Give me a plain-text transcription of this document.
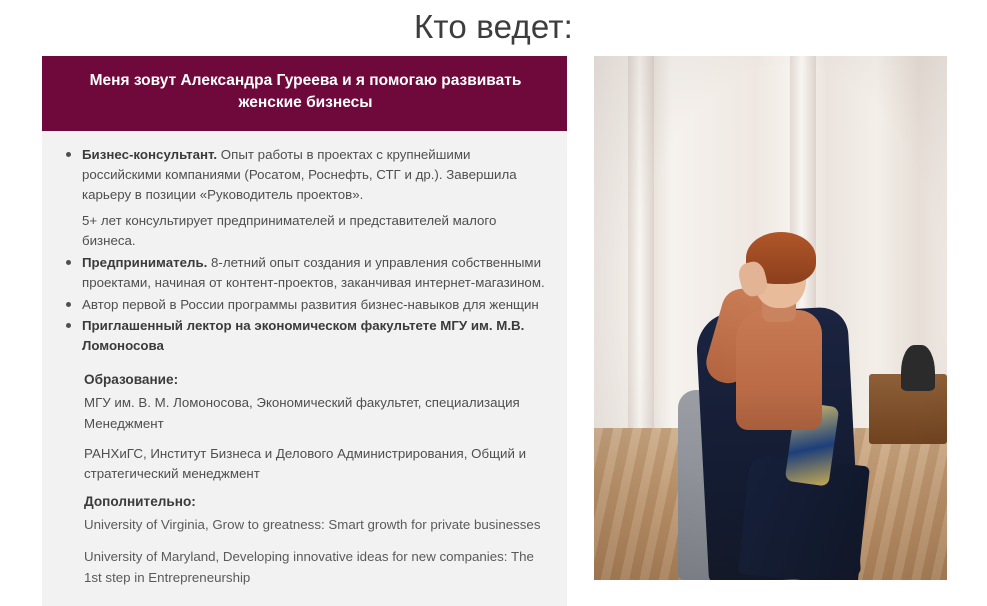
Кто ведет:
Меня зовут Александра Гуреева и я помогаю развивать женские бизнесы
Бизнес-консультант. Опыт работы в проектах с крупнейшими российскими компаниями (Росатом, Роснефть, СТГ и др.). Завершила карьеру в позиции «Руководитель проектов».
5+ лет консультирует предпринимателей и представителей малого бизнеса.
Предприниматель. 8-летний опыт создания и управления собственными проектами, начиная от контент-проектов, заканчивая интернет-магазином.
Автор первой в России программы развития бизнес-навыков для женщин
Приглашенный лектор на экономическом факультете МГУ им. М.В. Ломоносова
Образование:

МГУ им. В. М. Ломоносова, Экономический факультет, специализация Менеджмент

РАНХиГС, Институт Бизнеса и Делового Администрирования, Общий и стратегический менеджмент

Дополнительно:

University of Virginia, Grow to greatness: Smart growth for private businesses

University of Maryland, Developing innovative ideas for new companies: The 1st step in Entrepreneurship
